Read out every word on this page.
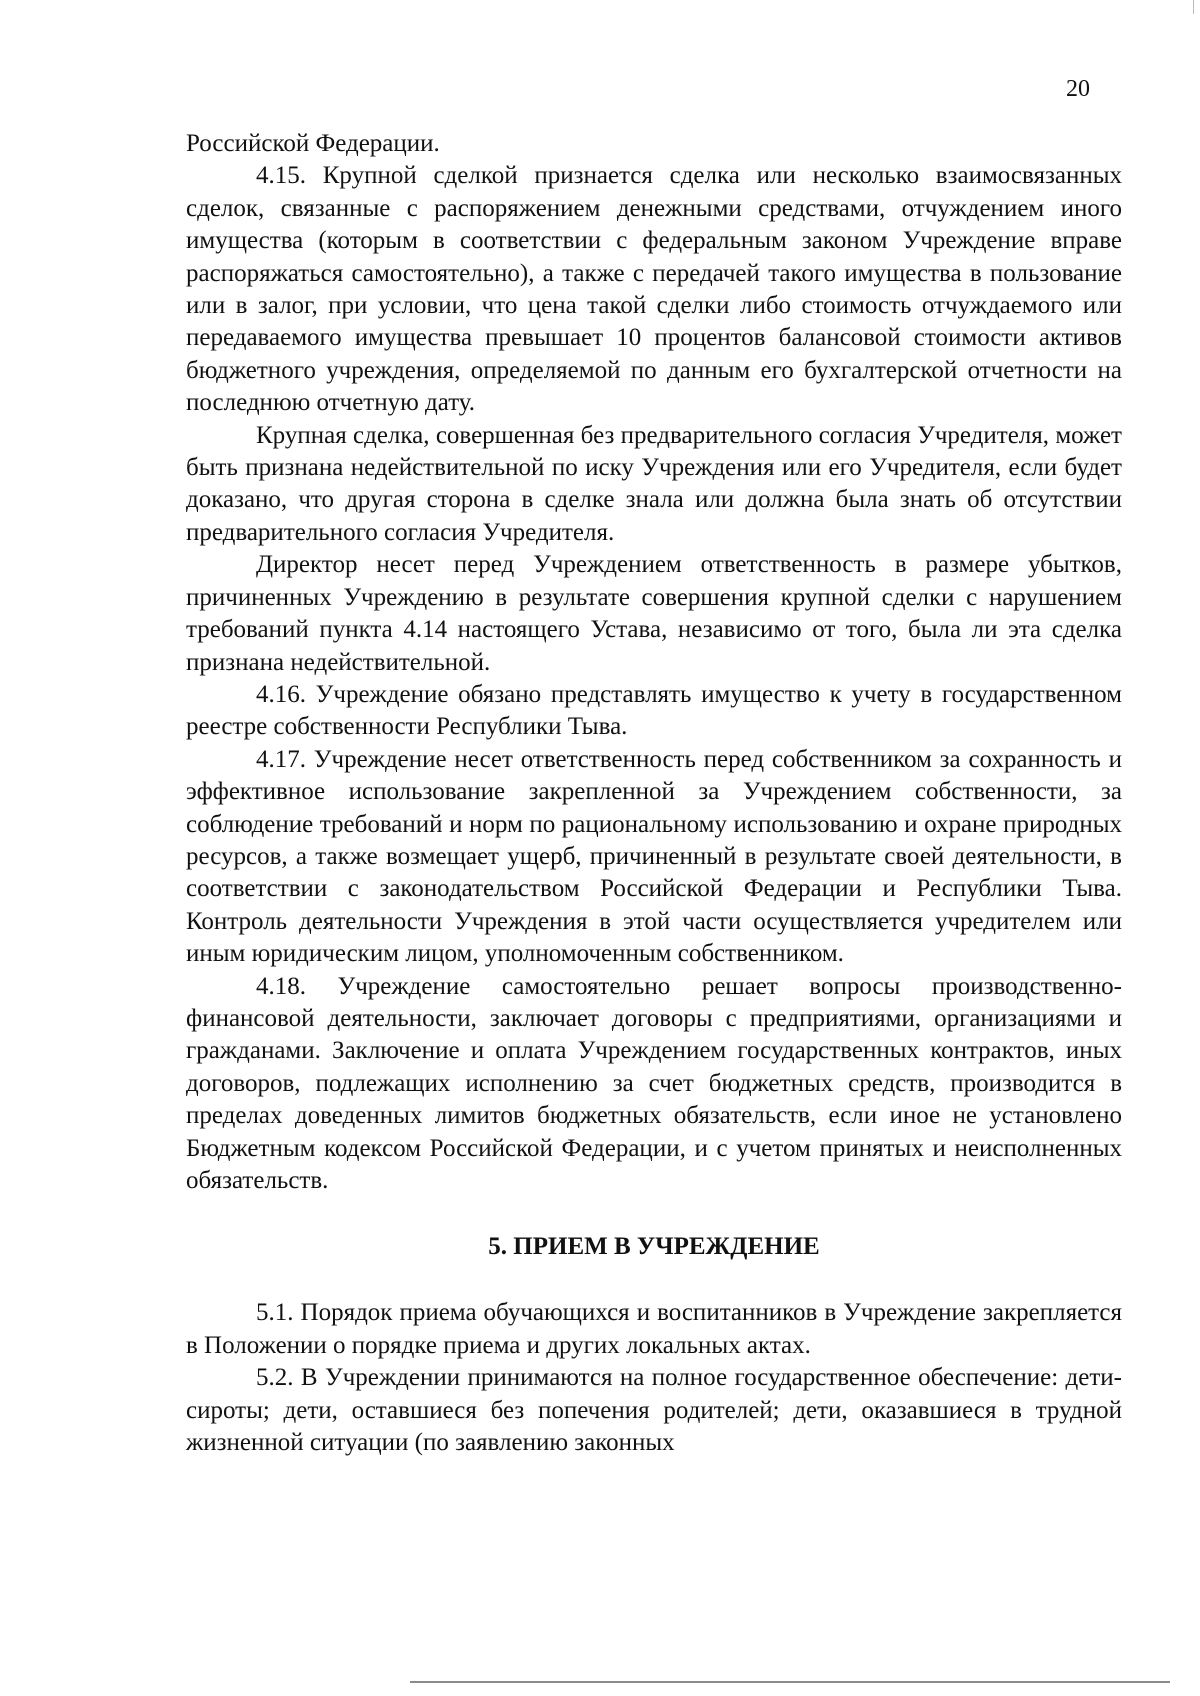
20

Российской Федерации.

4.15. Крупной сделкой признается сделка или несколько взаимосвязанных сделок, связанные с распоряжением денежными средствами, отчуждением иного имущества (которым в соответствии с федеральным законом Учреждение вправе распоряжаться самостоятельно), а также с передачей такого имущества в пользование или в залог, при условии, что цена такой сделки либо стоимость отчуждаемого или передаваемого имущества превышает 10 процентов балансовой стоимости активов бюджетного учреждения, определяемой по данным его бухгалтерской отчетности на последнюю отчетную дату.

Крупная сделка, совершенная без предварительного согласия Учредителя, может быть признана недействительной по иску Учреждения или его Учредителя, если будет доказано, что другая сторона в сделке знала или должна была знать об отсутствии предварительного согласия Учредителя.

Директор несет перед Учреждением ответственность в размере убытков, причиненных Учреждению в результате совершения крупной сделки с нарушением требований пункта 4.14 настоящего Устава, независимо от того, была ли эта сделка признана недействительной.

4.16. Учреждение обязано представлять имущество к учету в государственном реестре собственности Республики Тыва.

4.17. Учреждение несет ответственность перед собственником за сохранность и эффективное использование закрепленной за Учреждением собственности, за соблюдение требований и норм по рациональному использованию и охране природных ресурсов, а также возмещает ущерб, причиненный в результате своей деятельности, в соответствии с законодательством Российской Федерации и Республики Тыва. Контроль деятельности Учреждения в этой части осуществляется учредителем или иным юридическим лицом, уполномоченным собственником.

4.18. Учреждение самостоятельно решает вопросы производственно-финансовой деятельности, заключает договоры с предприятиями, организациями и гражданами. Заключение и оплата Учреждением государственных контрактов, иных договоров, подлежащих исполнению за счет бюджетных средств, производится в пределах доведенных лимитов бюджетных обязательств, если иное не установлено Бюджетным кодексом Российской Федерации, и с учетом принятых и неисполненных обязательств.

5. ПРИЕМ В УЧРЕЖДЕНИЕ

5.1. Порядок приема обучающихся и воспитанников в Учреждение закрепляется в Положении о порядке приема и других локальных актах.

5.2. В Учреждении принимаются на полное государственное обеспечение: дети-сироты; дети, оставшиеся без попечения родителей; дети, оказавшиеся в трудной жизненной ситуации (по заявлению законных
